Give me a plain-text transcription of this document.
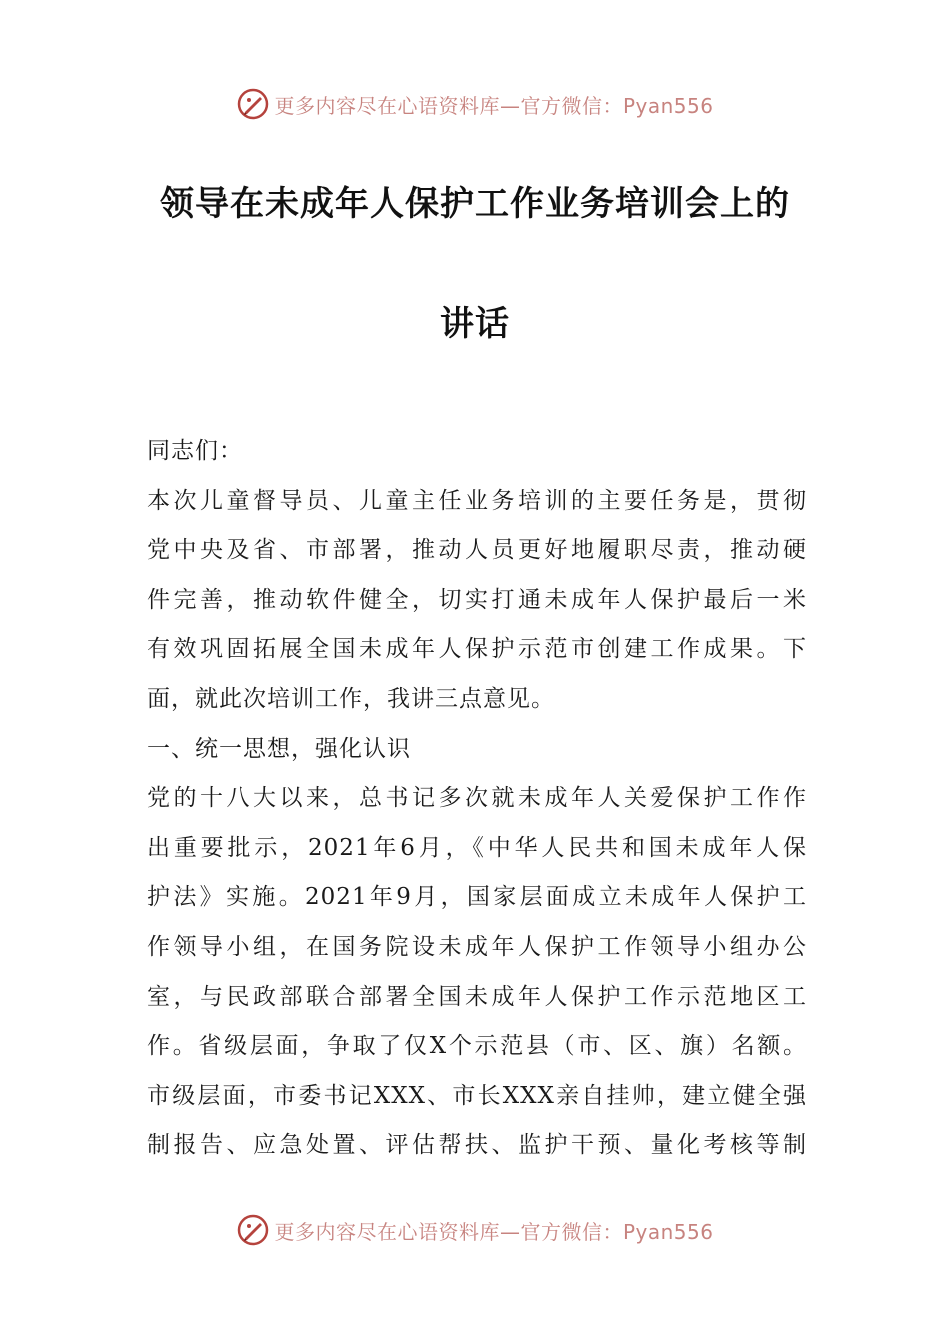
更多内容尽在心语资料库—官方微信：Pyan556
领导在未成年人保护工作业务培训会上的
讲话
同志们：
本次儿童督导员、儿童主任业务培训的主要任务是，贯彻
党中央及省、市部署，推动人员更好地履职尽责，推动硬
件完善，推动软件健全，切实打通未成年人保护最后一米
有效巩固拓展全国未成年人保护示范市创建工作成果。下
面，就此次培训工作，我讲三点意见。
一、统一思想，强化认识
党的十八大以来，总书记多次就未成年人关爱保护工作作
出重要批示，2021年6月，《中华人民共和国未成年人保
护法》实施。2021年9月，国家层面成立未成年人保护工
作领导小组，在国务院设未成年人保护工作领导小组办公
室，与民政部联合部署全国未成年人保护工作示范地区工
作。省级层面，争取了仅X个示范县（市、区、旗）名额。
市级层面，市委书记XXX、市长XXX亲自挂帅，建立健全强
制报告、应急处置、评估帮扶、监护干预、量化考核等制
更多内容尽在心语资料库—官方微信：Pyan556
